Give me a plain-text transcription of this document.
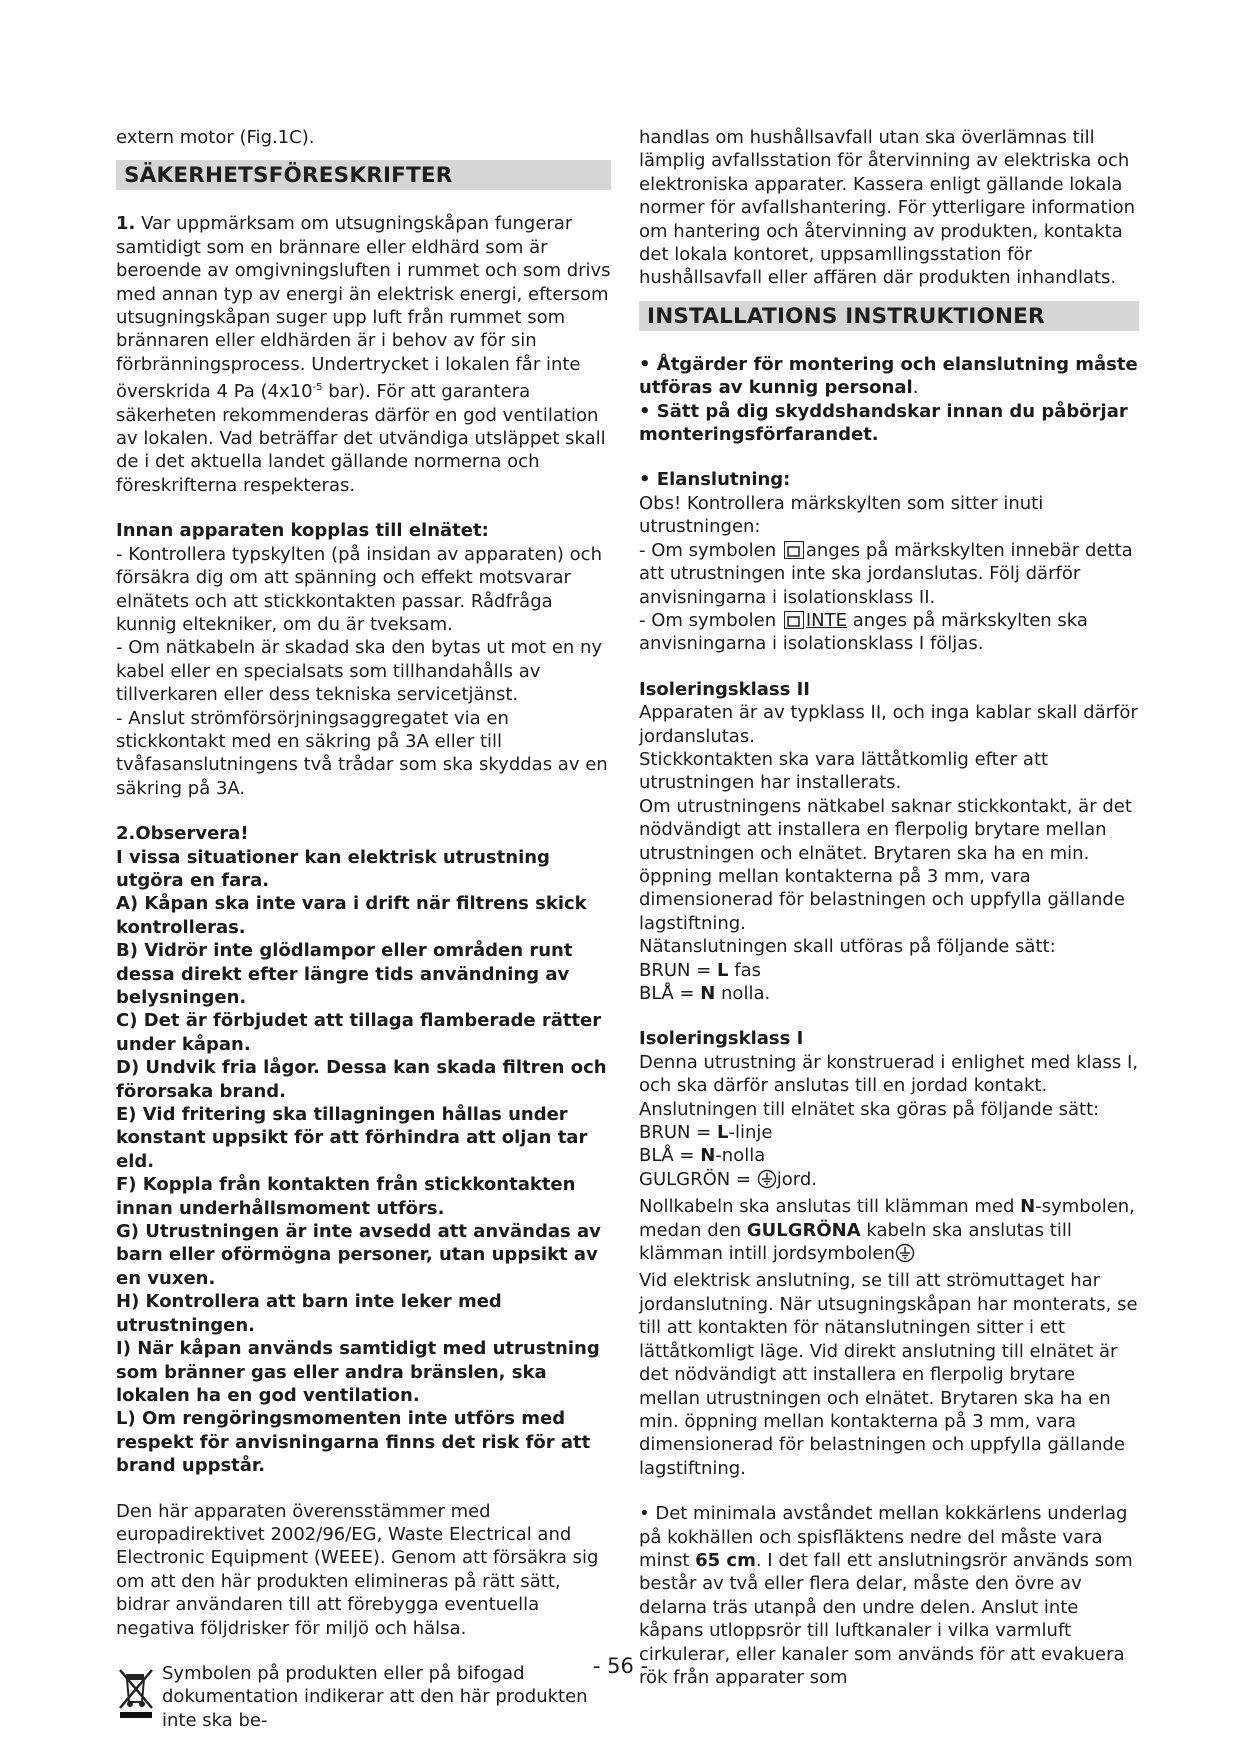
extern motor (Fig.1C).

SÄKERHETSFÖRESKRIFTER

1. Var uppmärksam om utsugningskåpan fungerar samtidigt som en brännare eller eldhärd som är beroende av omgivningsluften i rummet och som drivs med annan typ av energi än elektrisk energi, eftersom utsugningskåpan suger upp luft från rummet som brännaren eller eldhärden är i behov av för sin förbränningsprocess. Undertrycket i lokalen får inte överskrida 4 Pa ($4x10^{-5}$ bar). För att garantera säkerheten rekommenderas därför en god ventilation av lokalen. Vad beträffar det utvändiga utsläppet skall de i det aktuella landet gällande normerna och föreskrifterna respekteras.

Innan apparaten kopplas till elnätet:

- Kontrollera typskylten (på insidan av apparaten) och försäkra dig om att spänning och effekt motsvarar elnätets och att stickkontakten passar. Rådfråga kunnig eltekniker, om du är tveksam.

- Om nätkabeln är skadad ska den bytas ut mot en ny kabel eller en specialsats som tillhandahålls av tillverkaren eller dess tekniska servicetjänst.

- Anslut strömförsörjningsaggregatet via en stickkontakt med en säkring på 3A eller till tvåfasanslutningens två trådar som ska skyddas av en säkring på 3A.

2.Observera!

I vissa situationer kan elektrisk utrustning utgöra en fara.

A) Kåpan ska inte vara i drift när filtrens skick kontrolleras.

B) Vidrör inte glödlampor eller områden runt dessa direkt efter längre tids användning av belysningen.

C) Det är förbjudet att tillaga flamberade rätter under kåpan.

D) Undvik fria lågor. Dessa kan skada filtren och förorsaka brand.

E) Vid fritering ska tillagningen hållas under konstant uppsikt för att förhindra att oljan tar eld.

F) Koppla från kontakten från stickkontakten innan underhållsmoment utförs.

G) Utrustningen är inte avsedd att användas av barn eller oförmögna personer, utan uppsikt av en vuxen.

H) Kontrollera att barn inte leker med utrustningen.

I) När kåpan används samtidigt med utrustning som bränner gas eller andra bränslen, ska lokalen ha en god ventilation.

L) Om rengöringsmomenten inte utförs med respekt för anvisningarna finns det risk för att brand uppstår.

Den här apparaten överensstämmer med europadirektivet 2002/96/EG, Waste Electrical and Electronic Equipment (WEEE). Genom att försäkra sig om att den här produkten elimineras på rätt sätt, bidrar användaren till att förebygga eventuella negativa följdrisker för miljö och hälsa.

Symbolen på produkten eller på bifogad dokumentation indikerar att den här produkten inte ska be-

handlas om hushållsavfall utan ska överlämnas till lämplig avfallsstation för återvinning av elektriska och elektroniska apparater. Kassera enligt gällande lokala normer för avfallshantering. För ytterligare information om hantering och återvinning av produkten, kontakta det lokala kontoret, uppsamllingsstation för hushållsavfall eller affären där produkten inhandlats.

INSTALLATIONS INSTRUKTIONER

• Åtgärder för montering och elanslutning måste utföras av kunnig personal.

• Sätt på dig skyddshandskar innan du påbörjar monteringsförfarandet.

• Elanslutning:

Obs! Kontrollera märkskylten som sitter inuti utrustningen:

- Om symbolen anges på märkskylten innebär detta att utrustningen inte ska jordanslutas. Följ därför anvisningarna i isolationsklass II.

- Om symbolen INTE anges på märkskylten ska anvisningarna i isolationsklass I följas.

Isoleringsklass II

Apparaten är av typklass II, och inga kablar skall därför jordanslutas.

Stickkontakten ska vara lättåtkomlig efter att utrustningen har installerats.

Om utrustningens nätkabel saknar stickkontakt, är det nödvändigt att installera en flerpolig brytare mellan utrustningen och elnätet. Brytaren ska ha en min. öppning mellan kontakterna på 3 mm, vara dimensionerad för belastningen och uppfylla gällande lagstiftning.

Nätanslutningen skall utföras på följande sätt:

BRUN = L fas

BLÅ = N nolla.

Isoleringsklass I

Denna utrustning är konstruerad i enlighet med klass I, och ska därför anslutas till en jordad kontakt.

Anslutningen till elnätet ska göras på följande sätt:

BRUN = L-linje

BLÅ = N-nolla

GULGRÖN = jord.

Nollkabeln ska anslutas till klämman med N-symbolen, medan den GULGRÖNA kabeln ska anslutas till klämman intill jordsymbolen

Vid elektrisk anslutning, se till att strömuttaget har jordanslutning. När utsugningskåpan har monterats, se till att kontakten för nätanslutningen sitter i ett lättåtkomligt läge. Vid direkt anslutning till elnätet är det nödvändigt att installera en flerpolig brytare mellan utrustningen och elnätet. Brytaren ska ha en min. öppning mellan kontakterna på 3 mm, vara dimensionerad för belastningen och uppfylla gällande lagstiftning.

• Det minimala avståndet mellan kokkärlens underlag på kokhällen och spisfläktens nedre del måste vara minst 65 cm. I det fall ett anslutningsrör används som består av två eller flera delar, måste den övre av delarna träs utanpå den undre delen. Anslut inte kåpans utloppsrör till luftkanaler i vilka varmluft cirkulerar, eller kanaler som används för att evakuera rök från apparater som

- 56 -
